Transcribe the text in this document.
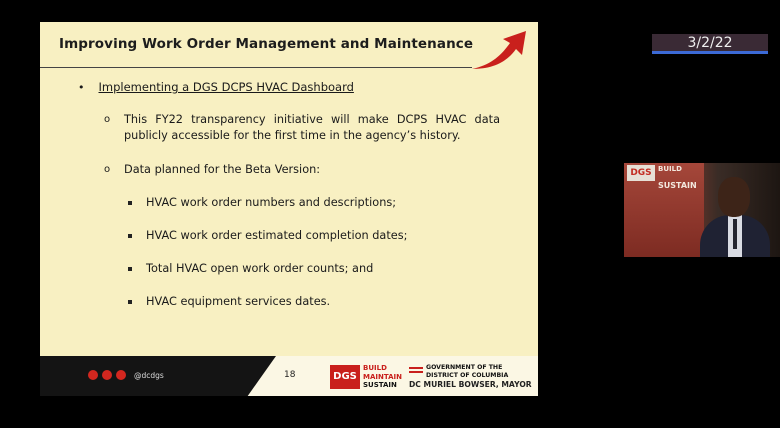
Improving Work Order Management and Maintenance
• Implementing a DGS DCPS HVAC Dashboard
o This FY22 transparency initiative will make DCPS HVAC data publicly accessible for the first time in the agency’s history.
o Data planned for the Beta Version:
HVAC work order numbers and descriptions;
HVAC work order estimated completion dates;
Total HVAC open work order counts; and
HVAC equipment services dates.
@dcdgs	18	DGS
BUILD
MAINTAIN
SUSTAIN
GOVERNMENT OF THE
DISTRICT OF COLUMBIA
DC MURIEL BOWSER, MAYOR
3/2/22
DGS BUILD
SUSTAIN
